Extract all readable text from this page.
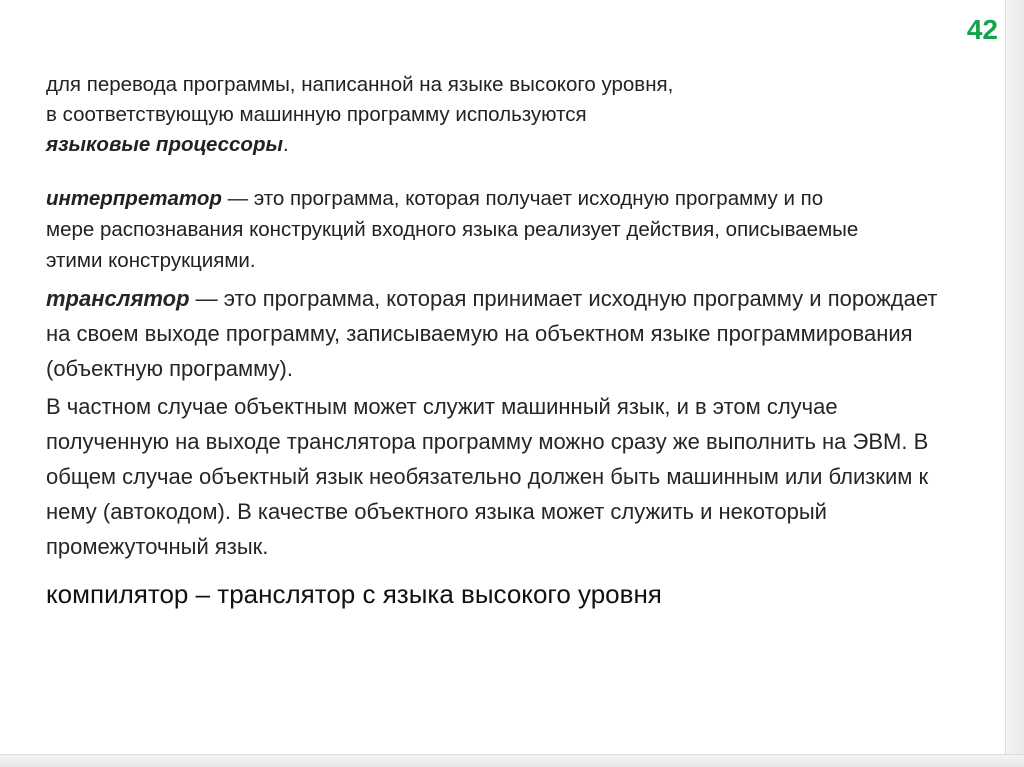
42

для перевода программы, написанной на языке высокого уровня,
в соответствующую машинную программу используются
языковые процессоры.

интерпретатор — это программа, которая получает исходную программу и по мере распознавания конструкций входного языка реализует действия, описываемые этими конструкциями.

транслятор — это программа, которая принимает исходную программу и порождает на своем выходе программу, записываемую на объектном языке программирования (объектную программу).

В частном случае объектным может служит машинный язык, и в этом случае полученную на выходе транслятора программу можно сразу же выполнить на ЭВМ. В общем случае объектный язык необязательно должен быть машинным или близким к нему (автокодом). В качестве объектного языка может служить и некоторый промежуточный язык.

компилятор – транслятор с языка высокого уровня
